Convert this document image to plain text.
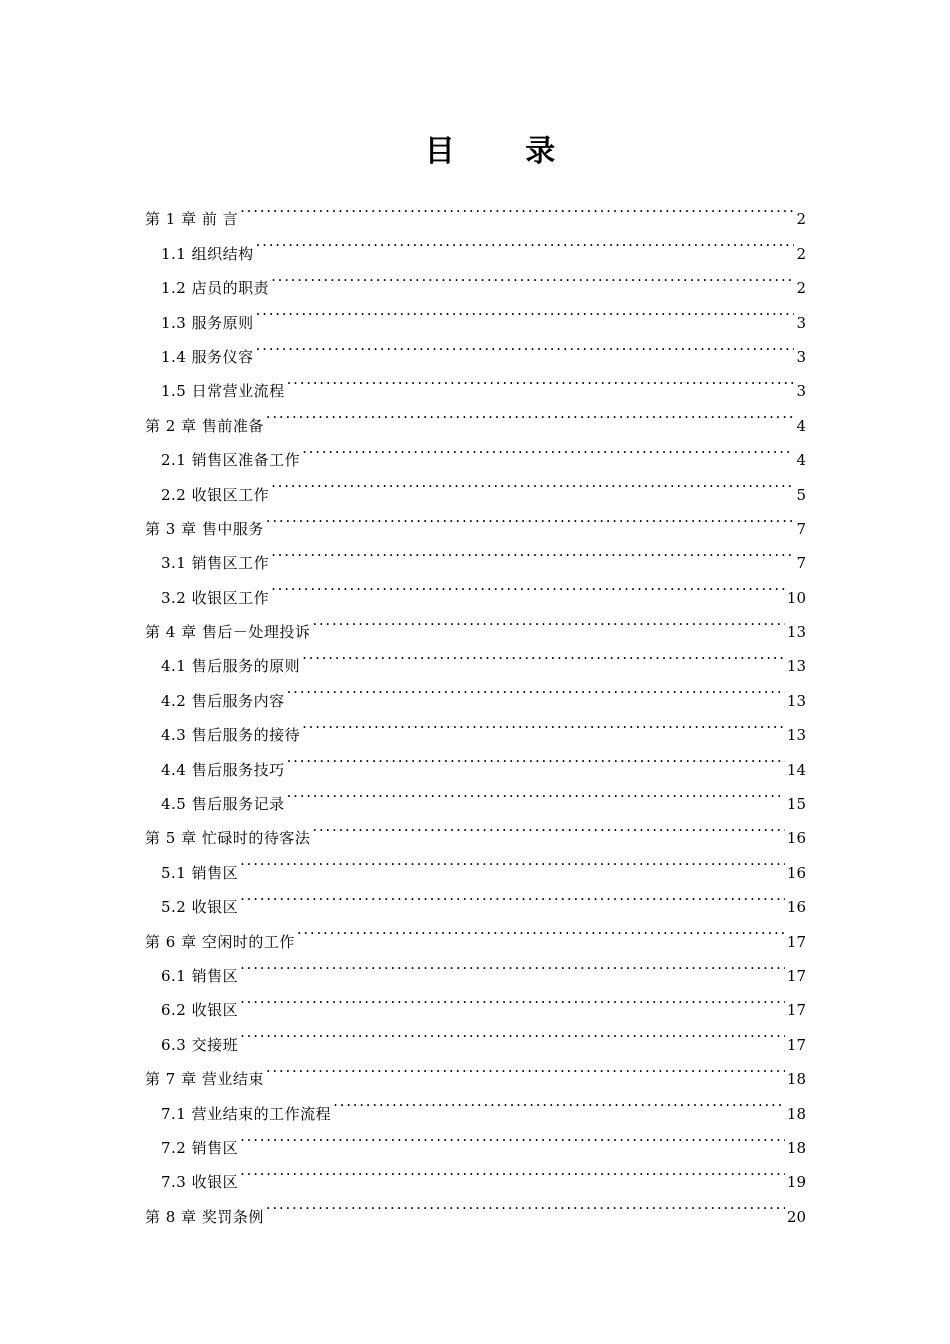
目 录
第 1 章 前 言 . . .	2
1.1 组织结构 . . .	2
1.2 店员的职责 . . .	2
1.3 服务原则 . . .	3
1.4 服务仪容 . . .	3
1.5 日常营业流程 . . .	3
第 2 章 售前准备 . . .	4
2.1 销售区准备工作 . . .	4
2.2 收银区工作 . . .	5
第 3 章 售中服务 . . .	7
3.1 销售区工作 . . .	7
3.2 收银区工作 . . .	10
第 4 章 售后－处理投诉 . . .	13
4.1 售后服务的原则 . . .	13
4.2 售后服务内容 . . .	13
4.3 售后服务的接待 . . .	13
4.4 售后服务技巧 . . .	14
4.5 售后服务记录 . . .	15
第 5 章 忙碌时的待客法 . . .	16
5.1 销售区 . . .	16
5.2 收银区 . . .	16
第 6 章 空闲时的工作 . . .	17
6.1 销售区 . . .	17
6.2 收银区 . . .	17
6.3 交接班 . . .	17
第 7 章 营业结束 . . .	18
7.1 营业结束的工作流程 . . .	18
7.2 销售区 . . .	18
7.3 收银区 . . .	19
第 8 章 奖罚条例 . . .	20
